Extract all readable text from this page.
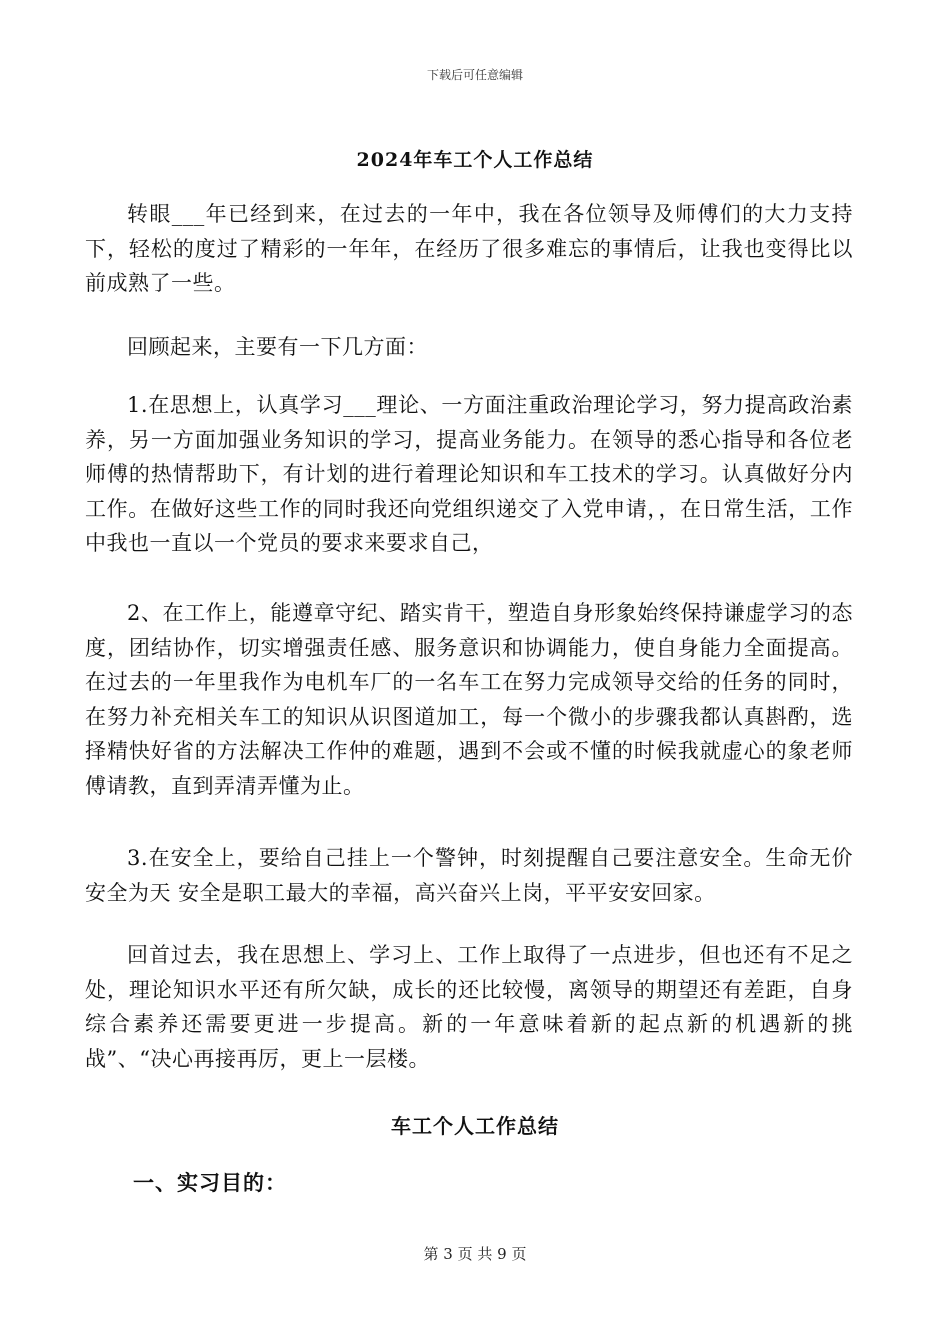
下载后可任意编辑
2024年车工个人工作总结

转眼___年已经到来，在过去的一年中，我在各位领导及师傅们的大力支持下，轻松的度过了精彩的一年年，在经历了很多难忘的事情后，让我也变得比以前成熟了一些。

回顾起来，主要有一下几方面：

1.在思想上，认真学习___理论、一方面注重政治理论学习，努力提高政治素养，另一方面加强业务知识的学习，提高业务能力。在领导的悉心指导和各位老师傅的热情帮助下，有计划的进行着理论知识和车工技术的学习。认真做好分内工作。在做好这些工作的同时我还向党组织递交了入党申请，，在日常生活，工作中我也一直以一个党员的要求来要求自己，

2、在工作上，能遵章守纪、踏实肯干，塑造自身形象始终保持谦虚学习的态度，团结协作，切实增强责任感、服务意识和协调能力，使自身能力全面提高。在过去的一年里我作为电机车厂的一名车工在努力完成领导交给的任务的同时，在努力补充相关车工的知识从识图道加工，每一个微小的步骤我都认真斟酌，选择精快好省的方法解决工作仲的难题，遇到不会或不懂的时候我就虚心的象老师傅请教，直到弄清弄懂为止。

3.在安全上，要给自己挂上一个警钟，时刻提醒自己要注意安全。生命无价安全为天 安全是职工最大的幸福，高兴奋兴上岗，平平安安回家。

回首过去，我在思想上、学习上、工作上取得了一点进步，但也还有不足之处，理论知识水平还有所欠缺，成长的还比较慢，离领导的期望还有差距，自身综合素养还需要更进一步提高。新的一年意味着新的起点新的机遇新的挑战”、“决心再接再厉，更上一层楼。

车工个人工作总结
一、实习目的：
第 3 页 共 9 页
